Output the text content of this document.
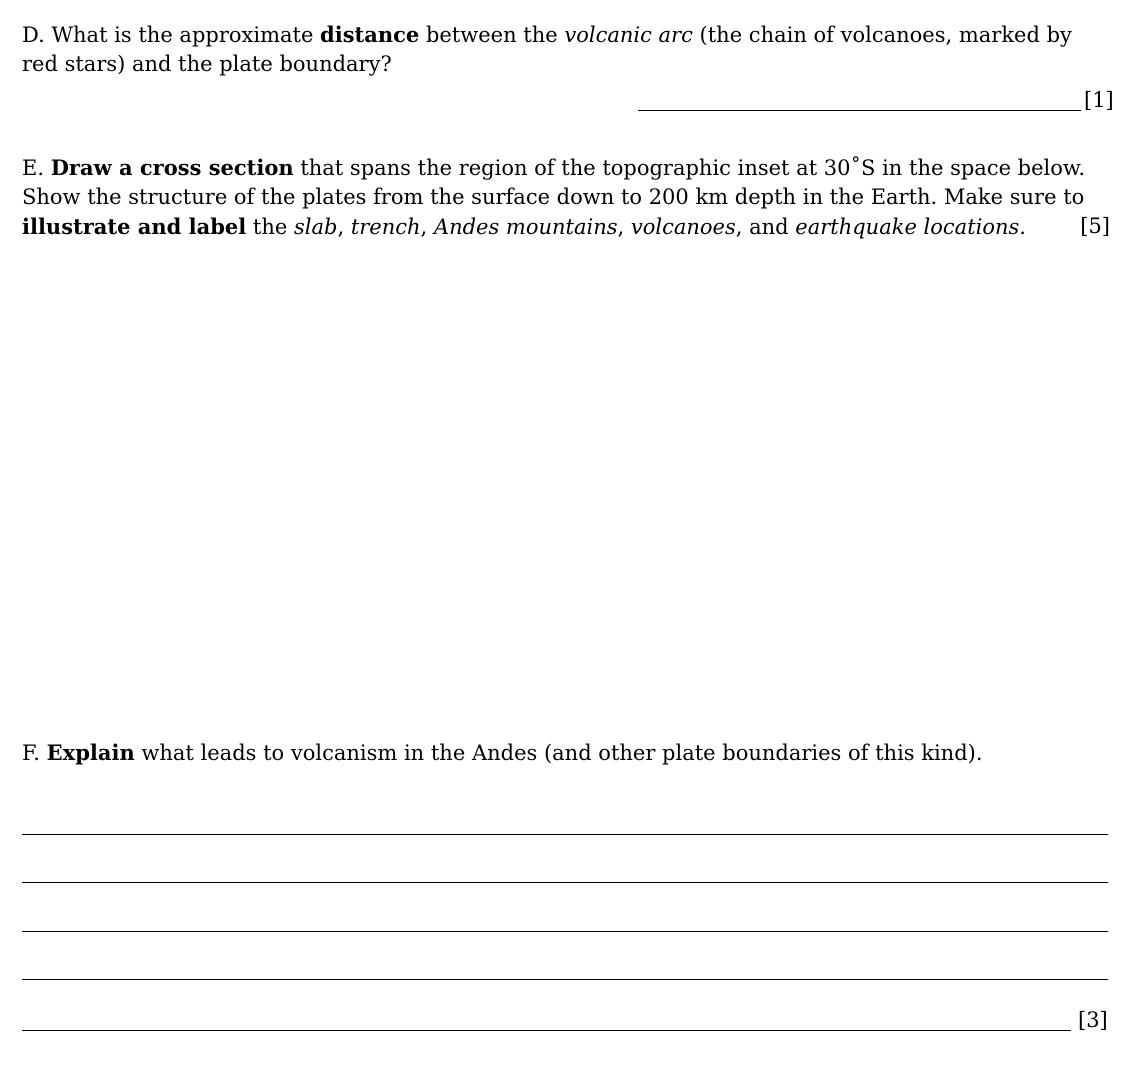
D. What is the approximate distance between the volcanic arc (the chain of volcanoes, marked by red stars) and the plate boundary?

[1]

E. Draw a cross section that spans the region of the topographic inset at 30˚S in the space below. Show the structure of the plates from the surface down to 200 km depth in the Earth. Make sure to illustrate and label the slab, trench, Andes mountains, volcanoes, and earthquake locations.	[5]

F. Explain what leads to volcanism in the Andes (and other plate boundaries of this kind).

[3]
